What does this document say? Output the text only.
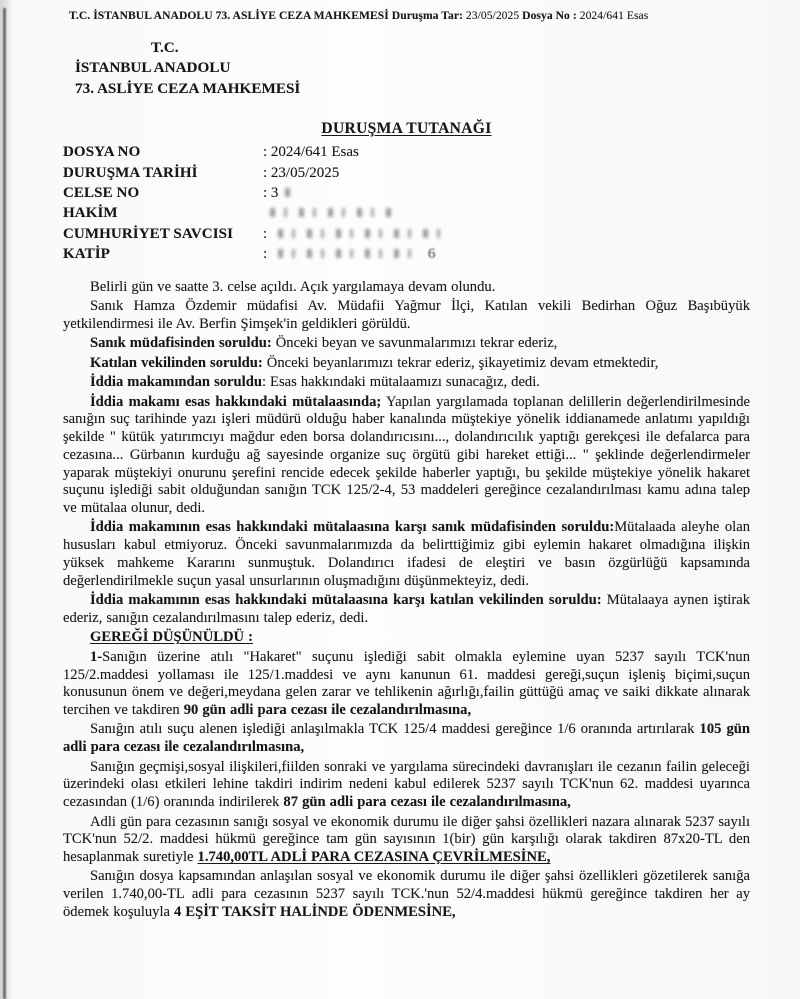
T.C. İSTANBUL ANADOLU 73. ASLİYE CEZA MAHKEMESİ Duruşma Tar: 23/05/2025 Dosya No : 2024/641 Esas
T.C.
İSTANBUL ANADOLU
73. ASLİYE CEZA MAHKEMESİ
DURUŞMA TUTANAĞI
DOSYA NO	: 2024/641 Esas
DURUŞMA TARİHİ	: 23/05/2025
CELSE NO	: 3
HAKİM
CUMHURİYET SAVCISI	:
KATİP	:	6

Belirli gün ve saatte 3. celse açıldı. Açık yargılamaya devam olundu.

Sanık Hamza Özdemir müdafisi Av. Müdafii Yağmur İlçi, Katılan vekili Bedirhan Oğuz Başıbüyük yetkilendirmesi ile Av. Berfin Şimşek'in geldikleri görüldü.

Sanık müdafisinden soruldu: Önceki beyan ve savunmalarımızı tekrar ederiz,

Katılan vekilinden soruldu: Önceki beyanlarımızı tekrar ederiz, şikayetimiz devam etmektedir,

İddia makamından soruldu: Esas hakkındaki mütalaamızı sunacağız, dedi.

İddia makamı esas hakkındaki mütalaasında; Yapılan yargılamada toplanan delillerin değerlendirilmesinde sanığın suç tarihinde yazı işleri müdürü olduğu haber kanalında müştekiye yönelik iddianamede anlatımı yapıldığı şekilde " kütük yatırımcıyı mağdur eden borsa dolandırıcısını..., dolandırıcılık yaptığı gerekçesi ile defalarca para cezasına... Gürbanın kurduğu ağ sayesinde organize suç örgütü gibi hareket ettiği... " şeklinde değerlendirmeler yaparak müştekiyi onurunu şerefini rencide edecek şekilde haberler yaptığı, bu şekilde müştekiye yönelik hakaret suçunu işlediği sabit olduğundan sanığın TCK 125/2-4, 53 maddeleri gereğince cezalandırılması kamu adına talep ve mütalaa olunur, dedi.

İddia makamının esas hakkındaki mütalaasına karşı sanık müdafisinden soruldu:Mütalaada aleyhe olan hususları kabul etmiyoruz. Önceki savunmalarımızda da belirttiğimiz gibi eylemin hakaret olmadığına ilişkin yüksek mahkeme Kararını sunmuştuk. Dolandırıcı ifadesi de eleştiri ve basın özgürlüğü kapsamında değerlendirilmekle suçun yasal unsurlarının oluşmadığını düşünmekteyiz, dedi.

İddia makamının esas hakkındaki mütalaasına karşı katılan vekilinden soruldu: Mütalaaya aynen iştirak ederiz, sanığın cezalandırılmasını talep ederiz, dedi.

GEREĞİ DÜŞÜNÜLDÜ :

1-Sanığın üzerine atılı "Hakaret" suçunu işlediği sabit olmakla eylemine uyan 5237 sayılı TCK'nun 125/2.maddesi yollaması ile 125/1.maddesi ve aynı kanunun 61. maddesi gereği,suçun işleniş biçimi,suçun konusunun önem ve değeri,meydana gelen zarar ve tehlikenin ağırlığı,failin güttüğü amaç ve saiki dikkate alınarak tercihen ve takdiren 90 gün adli para cezası ile cezalandırılmasına,

Sanığın atılı suçu alenen işlediği anlaşılmakla TCK 125/4 maddesi gereğince 1/6 oranında artırılarak 105 gün adli para cezası ile cezalandırılmasına,

Sanığın geçmişi,sosyal ilişkileri,fiilden sonraki ve yargılama sürecindeki davranışları ile cezanın failin geleceği üzerindeki olası etkileri lehine takdiri indirim nedeni kabul edilerek 5237 sayılı TCK'nun 62. maddesi uyarınca cezasından (1/6) oranında indirilerek 87 gün adli para cezası ile cezalandırılmasına,

Adli gün para cezasının sanığı sosyal ve ekonomik durumu ile diğer şahsi özellikleri nazara alınarak 5237 sayılı TCK'nun 52/2. maddesi hükmü gereğince tam gün sayısının 1(bir) gün karşılığı olarak takdiren 87x20-TL den hesaplanmak suretiyle 1.740,00TL ADLİ PARA CEZASINA ÇEVRİLMESİNE,

Sanığın dosya kapsamından anlaşılan sosyal ve ekonomik durumu ile diğer şahsi özellikleri gözetilerek sanığa verilen 1.740,00-TL adli para cezasının 5237 sayılı TCK.'nun 52/4.maddesi hükmü gereğince takdiren her ay ödemek koşuluyla 4 EŞİT TAKSİT HALİNDE ÖDENMESİNE,
